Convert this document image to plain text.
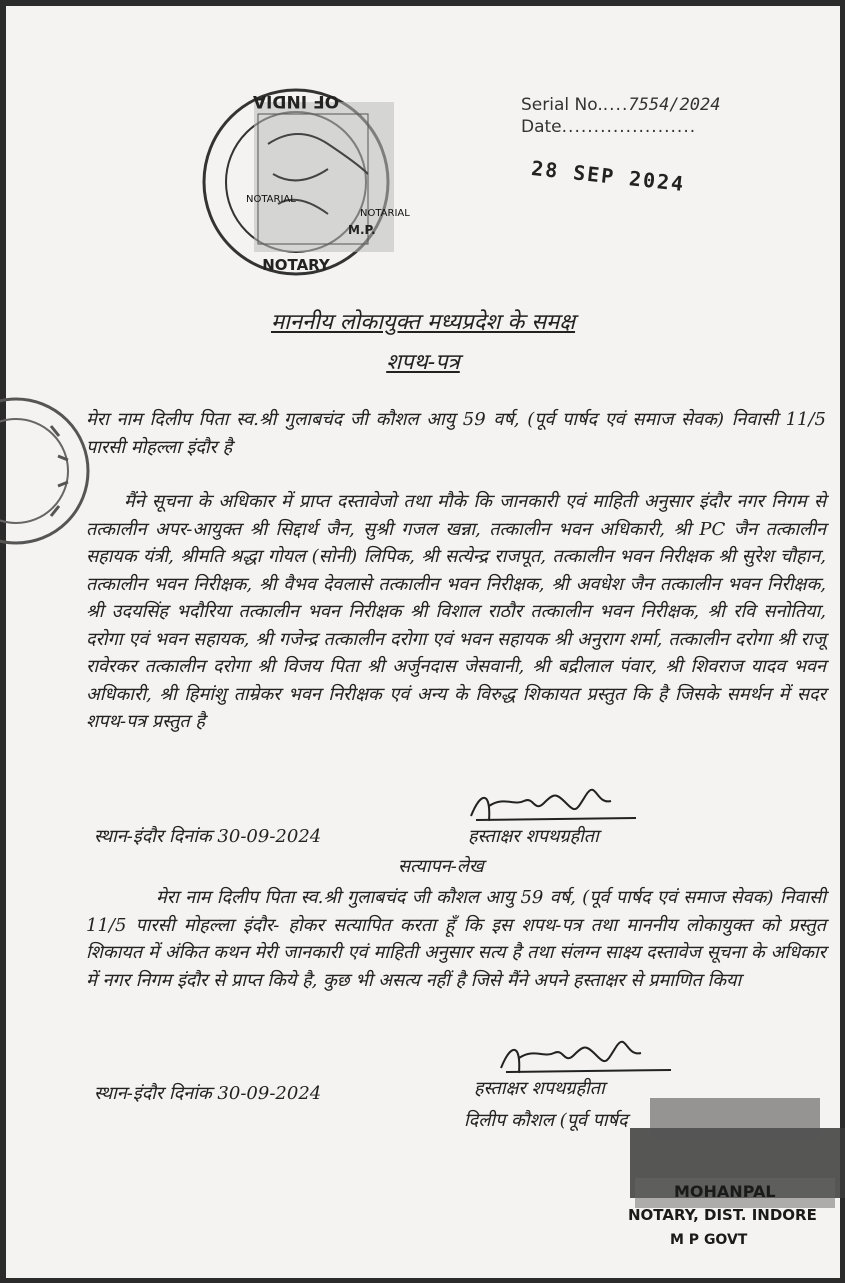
OF INDIA
NOTARY
M.P.
NOTARIAL
NOTARIAL
Serial No.....7554/2024
Date.....................
28 SEP 2024
माननीय लोकायुक्त मध्यप्रदेश के समक्ष
शपथ-पत्र
मेरा नाम दिलीप पिता स्व.श्री गुलाबचंद जी कौशल आयु 59 वर्ष, (पूर्व पार्षद एवं समाज सेवक) निवासी 11/5 पारसी मोहल्ला इंदौर है
मैंने सूचना के अधिकार में प्राप्त दस्तावेजो तथा मौके कि जानकारी एवं माहिती अनुसार इंदौर नगर निगम से तत्कालीन अपर-आयुक्त श्री सिद्दार्थ जैन, सुश्री गजल खन्ना, तत्कालीन भवन अधिकारी, श्री PC जैन तत्कालीन सहायक यंत्री, श्रीमति श्रद्धा गोयल (सोनी) लिपिक, श्री सत्येन्द्र राजपूत, तत्कालीन भवन निरीक्षक श्री सुरेश चौहान, तत्कालीन भवन निरीक्षक, श्री वैभव देवलासे तत्कालीन भवन निरीक्षक, श्री अवधेश जैन तत्कालीन भवन निरीक्षक, श्री उदयसिंह भदौरिया तत्कालीन भवन निरीक्षक श्री विशाल राठौर तत्कालीन भवन निरीक्षक, श्री रवि सनोतिया, दरोगा एवं भवन सहायक, श्री गजेन्द्र तत्कालीन दरोगा एवं भवन सहायक श्री अनुराग शर्मा, तत्कालीन दरोगा श्री राजू रावेरकर तत्कालीन दरोगा श्री विजय पिता श्री अर्जुनदास जेसवानी, श्री बद्रीलाल पंवार, श्री शिवराज यादव भवन अधिकारी, श्री हिमांशु ताम्रेकर भवन निरीक्षक एवं अन्य के विरुद्ध शिकायत प्रस्तुत कि है जिसके समर्थन में सदर शपथ-पत्र प्रस्तुत है
स्थान-इंदौर दिनांक 30-09-2024	हस्ताक्षर शपथग्रहीता
सत्यापन-लेख
मेरा नाम दिलीप पिता स्व.श्री गुलाबचंद जी कौशल आयु 59 वर्ष, (पूर्व पार्षद एवं समाज सेवक) निवासी 11/5 पारसी मोहल्ला इंदौर- होकर सत्यापित करता हूँ कि इस शपथ-पत्र तथा माननीय लोकायुक्त को प्रस्तुत शिकायत में अंकित कथन मेरी जानकारी एवं माहिती अनुसार सत्य है तथा संलग्न साक्ष्य दस्तावेज सूचना के अधिकार में नगर निगम इंदौर से प्राप्त किये है, कुछ भी असत्य नहीं है जिसे मैंने अपने हस्ताक्षर से प्रमाणित किया
स्थान-इंदौर दिनांक 30-09-2024	हस्ताक्षर शपथग्रहीता
दिलीप कौशल (पूर्व पार्षद
MOHANPAL
NOTARY, DIST. INDORE
M P GOVT
